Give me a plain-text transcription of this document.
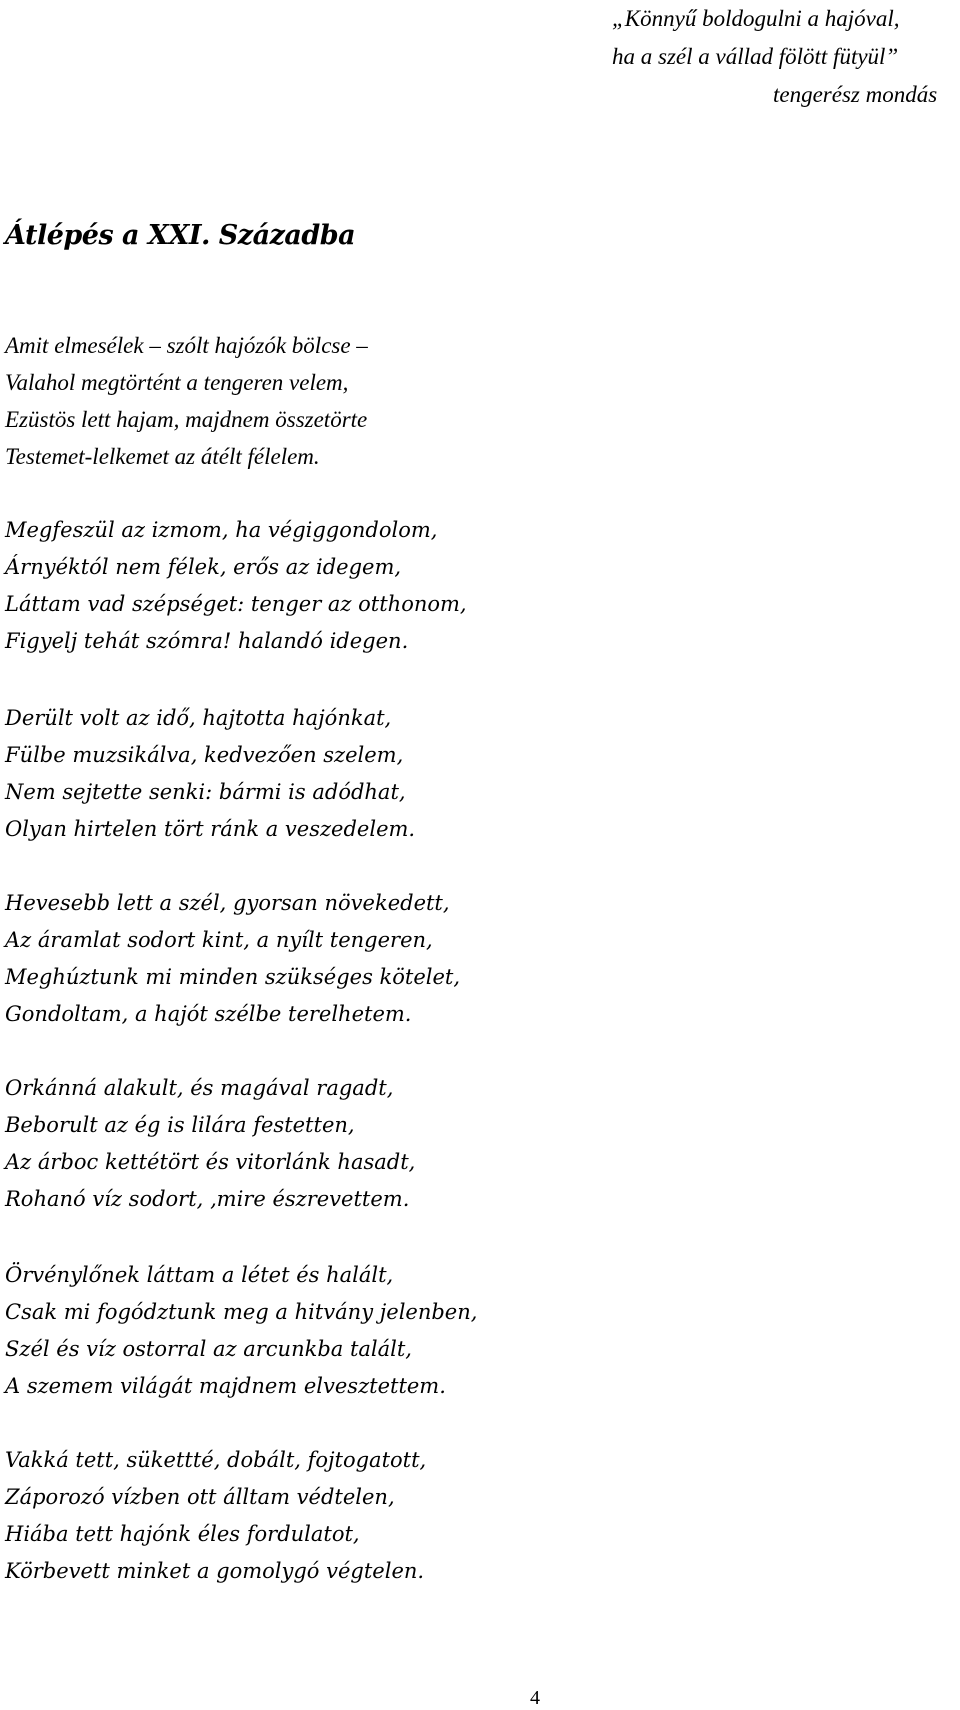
„Könnyű boldogulni a hajóval,
ha a szél a vállad fölött fütyül”
tengerész mondás
Átlépés a XXI. Századba
Amit elmesélek – szólt hajózók bölcse –
Valahol megtörtént a tengeren velem,
Ezüstös lett hajam, majdnem összetörte
Testemet-lelkemet az átélt félelem.
Megfeszül az izmom, ha végiggondolom,
Árnyéktól nem félek, erős az idegem,
Láttam vad szépséget: tenger az otthonom,
Figyelj tehát szómra! halandó idegen.
Derült volt az idő, hajtotta hajónkat,
Fülbe muzsikálva, kedvezően szelem,
Nem sejtette senki: bármi is adódhat,
Olyan hirtelen tört ránk a veszedelem.
Hevesebb lett a szél, gyorsan növekedett,
Az áramlat sodort kint, a nyílt tengeren,
Meghúztunk mi minden szükséges kötelet,
Gondoltam, a hajót szélbe terelhetem.
Orkánná alakult, és magával ragadt,
Beborult az ég is lilára festetten,
Az árboc kettétört és vitorlánk hasadt,
Rohanó víz sodort, ‚mire észrevettem.
Örvénylőnek láttam a létet és halált,
Csak mi fogództunk meg a hitvány jelenben,
Szél és víz ostorral az arcunkba talált,
A szemem világát majdnem elvesztettem.
Vakká tett, sükettté, dobált, fojtogatott,
Záporozó vízben ott álltam védtelen,
Hiába tett hajónk éles fordulatot,
Körbevett minket a gomolygó végtelen.
4
